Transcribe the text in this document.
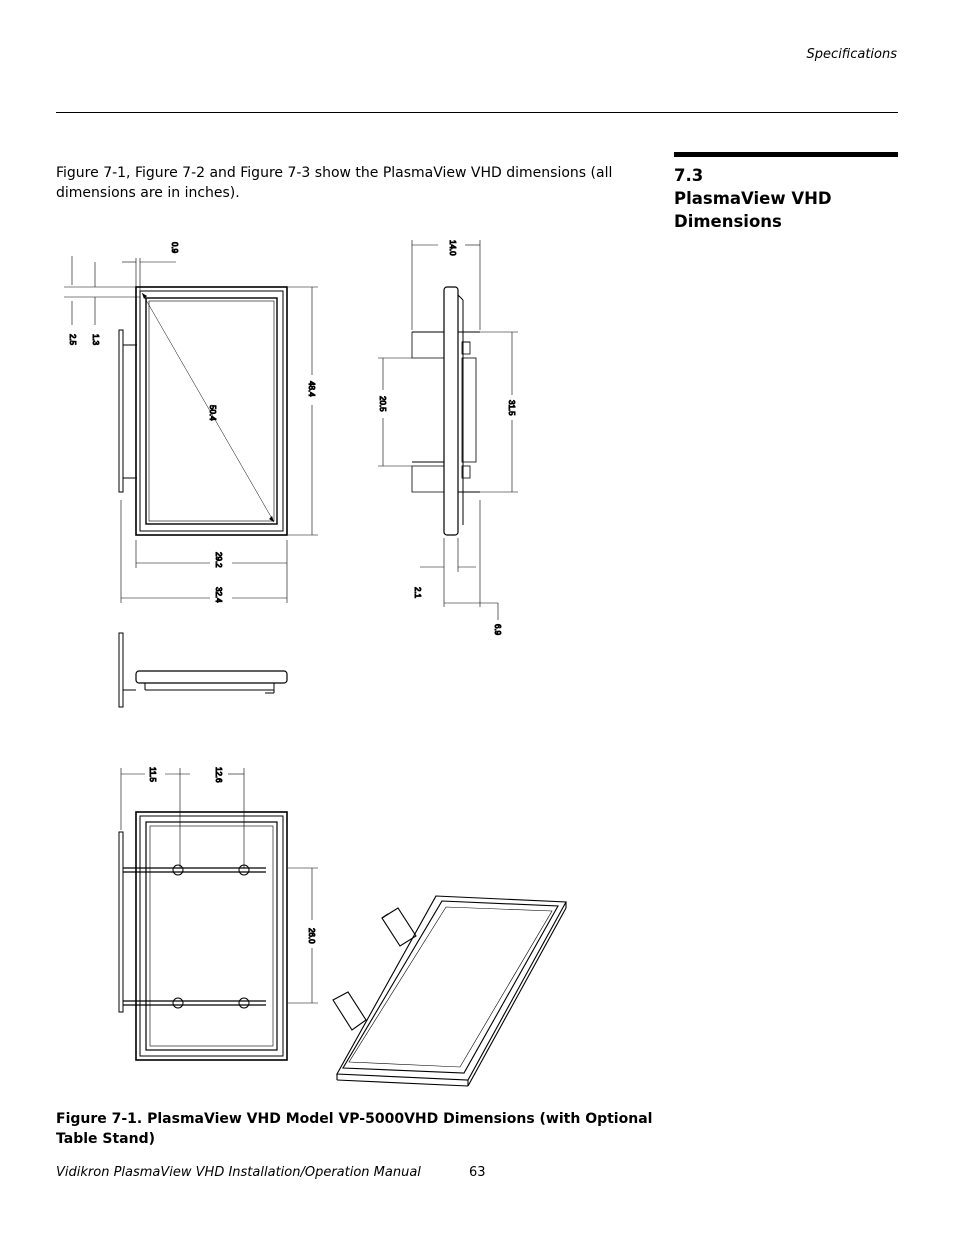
Specifications
7.3
PlasmaView VHD
Dimensions
Figure 7-1, Figure 7-2 and Figure 7-3 show the PlasmaView VHD dimensions (all dimensions are in inches).
0.9
2.5 1.3
50.4
48.4
29.2
32.4
14.0
20.5	31.5
2.1
6.9
11.5	12.6
26.0
Figure 7-1. PlasmaView VHD Model VP-5000VHD Dimensions (with Optional Table Stand)
Vidikron PlasmaView VHD Installation/Operation Manual	63
